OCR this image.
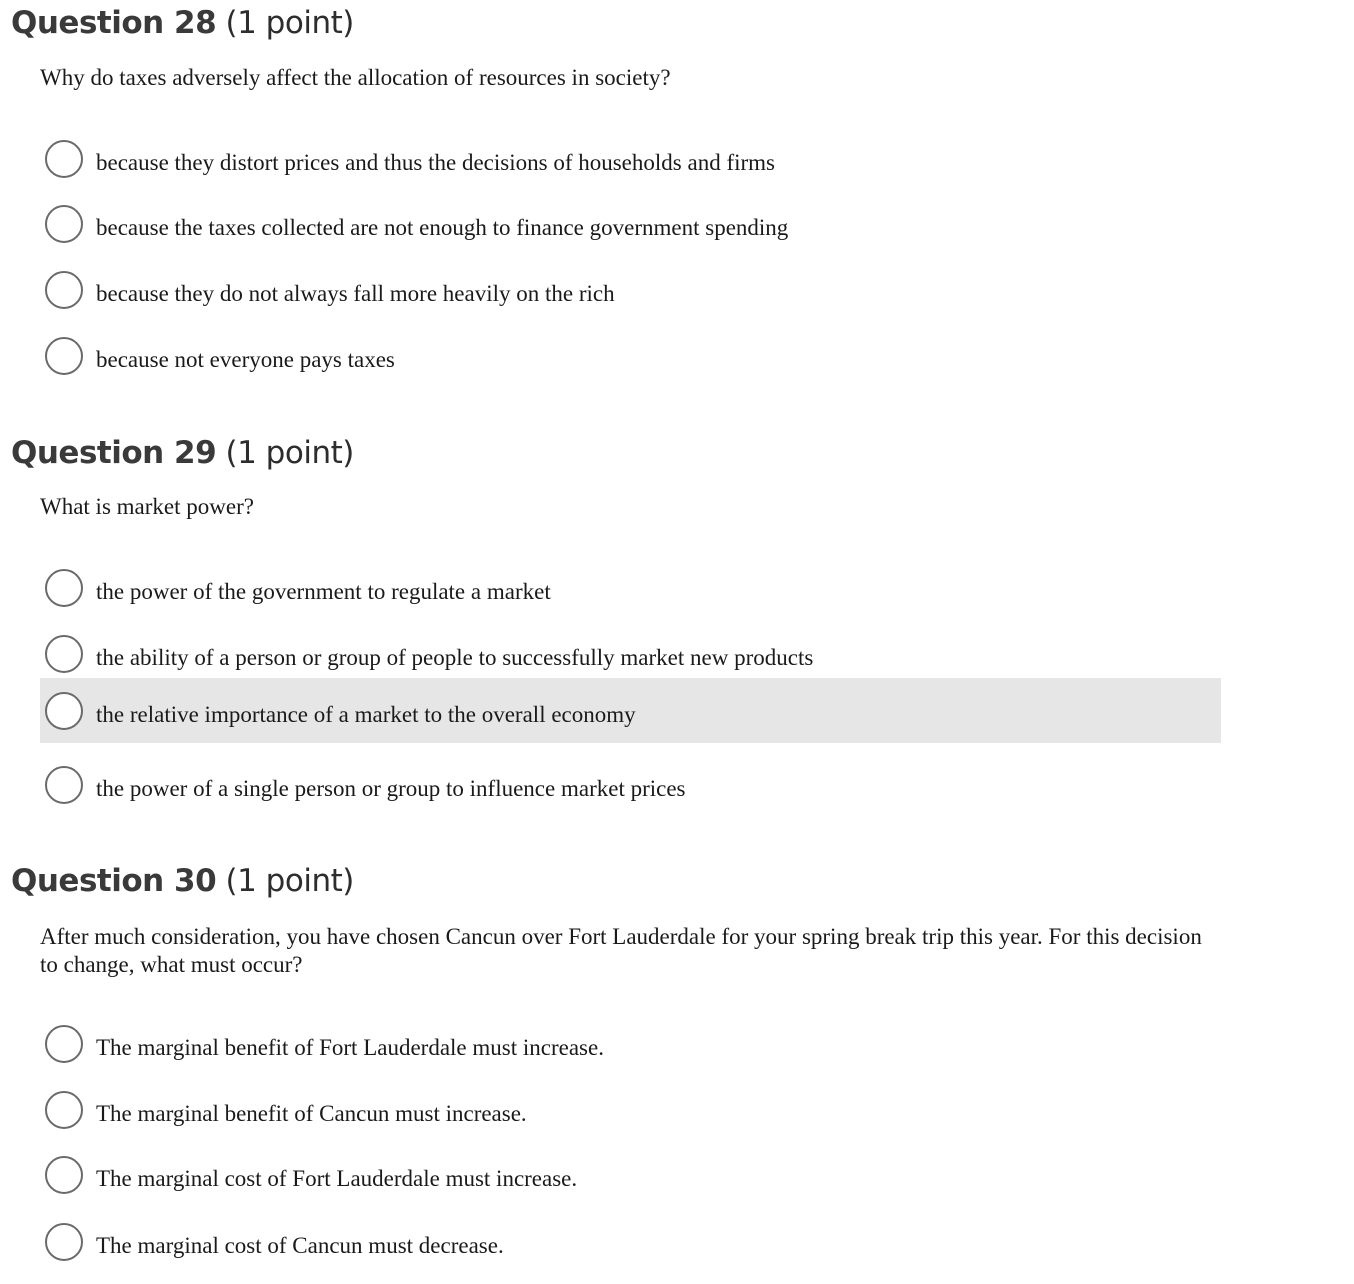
Question 28 (1 point)

Why do taxes adversely affect the allocation of resources in society?

because they distort prices and thus the decisions of households and firms
because the taxes collected are not enough to finance government spending
because they do not always fall more heavily on the rich
because not everyone pays taxes
Question 29 (1 point)

What is market power?

the power of the government to regulate a market
the ability of a person or group of people to successfully market new products
the relative importance of a market to the overall economy
the power of a single person or group to influence market prices
Question 30 (1 point)

After much consideration, you have chosen Cancun over Fort Lauderdale for your spring break trip this year. For this decision to change, what must occur?

The marginal benefit of Fort Lauderdale must increase.
The marginal benefit of Cancun must increase.
The marginal cost of Fort Lauderdale must increase.
The marginal cost of Cancun must decrease.
